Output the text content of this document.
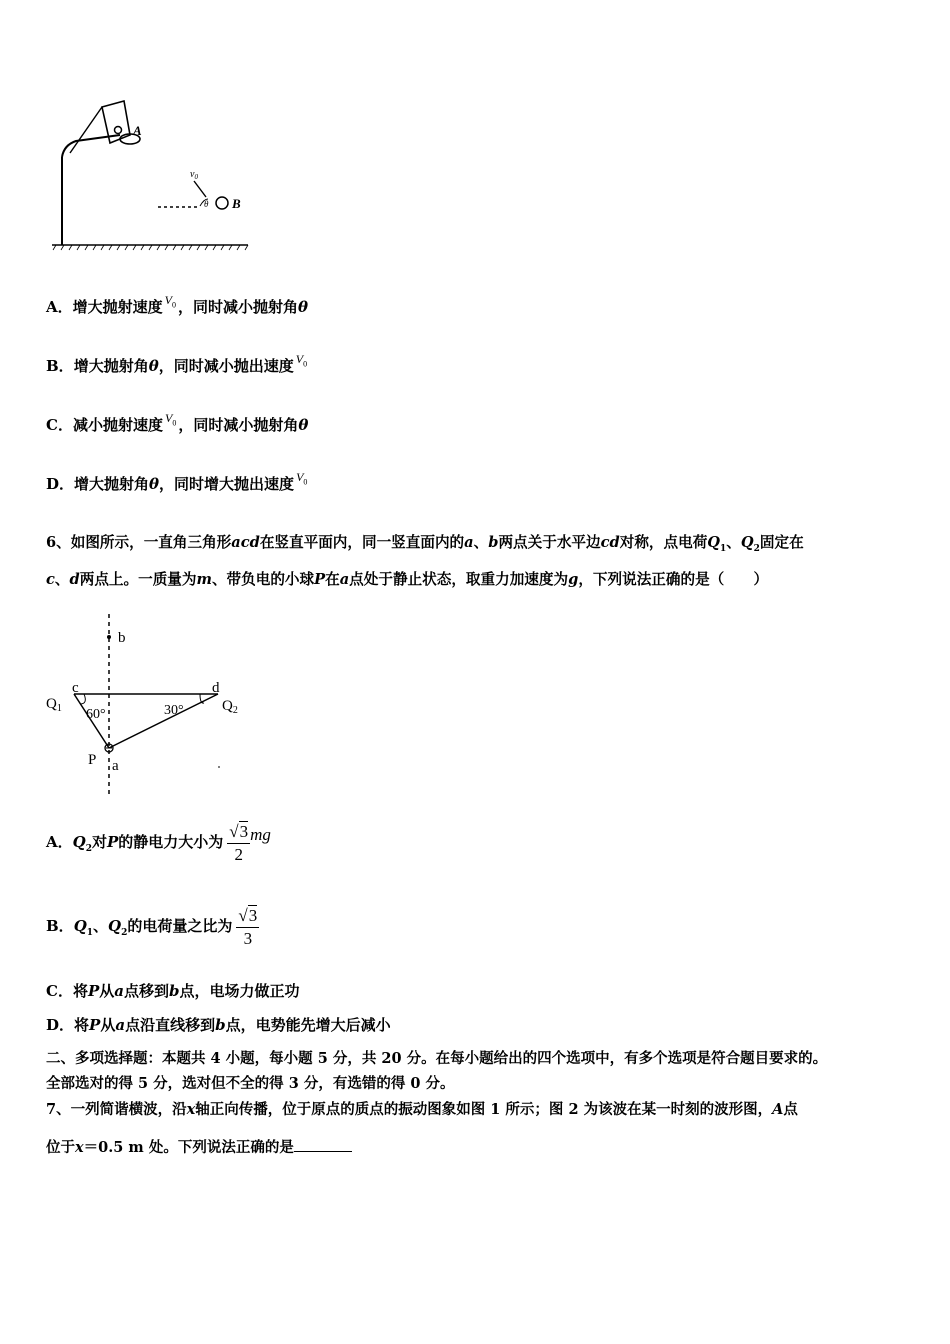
A
B
$v_0$
θ
A．增大抛射速度 $^{V_0}$ ，同时减小抛射角θ
B．增大抛射角θ，同时减小抛出速度 $^{V_0}$
C．减小抛射速度 $^{V_0}$ ，同时减小抛射角θ
D．增大抛射角θ，同时增大抛出速度 $^{V_0}$
6、如图所示，一直角三角形acd在竖直平面内，同一竖直面内的a、b两点关于水平边cd对称，点电荷$Q_1$、$Q_2$固定在
c、d两点上。一质量为m、带负电的小球P在a点处于静止状态，取重力加速度为g，下列说法正确的是（　　）
b
c	d
$Q_1$	$Q_2$
60°	30°
P a
A．$Q_2$对P的静电力大小为 $\frac{√3}{2}$ mg
B．$Q_1$、$Q_2$的电荷量之比为 $\frac{√3}{3}$
C．将P从a点移到b点，电场力做正功
D．将P从a点沿直线移到b点，电势能先增大后减小
二、多项选择题：本题共 4 小题，每小题 5 分，共 20 分。在每小题给出的四个选项中，有多个选项是符合题目要求的。
全部选对的得 5 分，选对但不全的得 3 分，有选错的得 0 分。
7、一列简谐横波，沿x轴正向传播，位于原点的质点的振动图象如图 1 所示；图 2 为该波在某一时刻的波形图，A点
位于x＝0.5 m 处。下列说法正确的是
